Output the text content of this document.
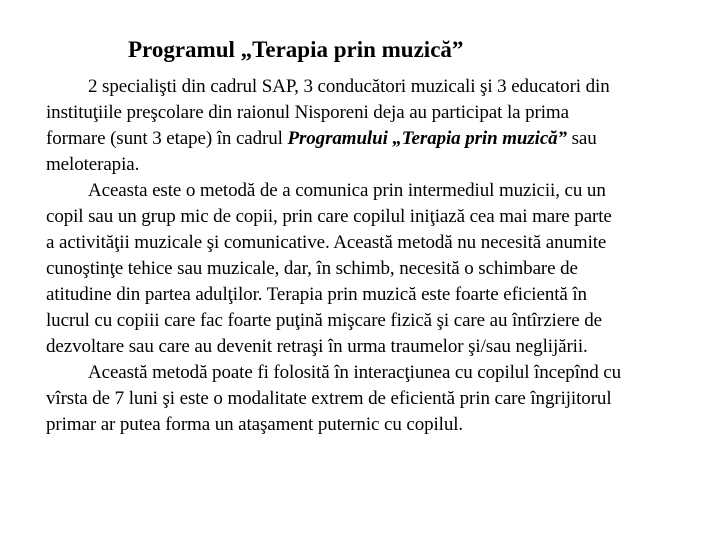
Programul „Terapia prin muzică”

2 specialişti din cadrul SAP, 3 conducători muzicali şi 3 educatori din

instituţiile preşcolare din raionul Nisporeni deja au participat la prima

formare (sunt 3 etape) în cadrul Programului „Terapia prin muzică” sau

meloterapia.

Aceasta este o metodă de a comunica prin intermediul muzicii, cu un

copil sau un grup mic de copii, prin care copilul iniţiază cea mai mare parte

a activităţii muzicale şi comunicative. Această metodă nu necesită anumite

cunoştinţe tehice sau muzicale, dar, în schimb, necesită o schimbare de

atitudine din partea adulţilor. Terapia prin muzică este foarte eficientă în

lucrul cu copiii care fac foarte puţină mişcare fizică şi care au întîrziere de

dezvoltare sau care au devenit retraşi în urma traumelor şi/sau neglijării.

Această metodă poate fi folosită în interacţiunea cu copilul începînd cu

vîrsta de 7 luni şi este o modalitate extrem de eficientă prin care îngrijitorul

primar ar putea forma un ataşament puternic cu copilul.
